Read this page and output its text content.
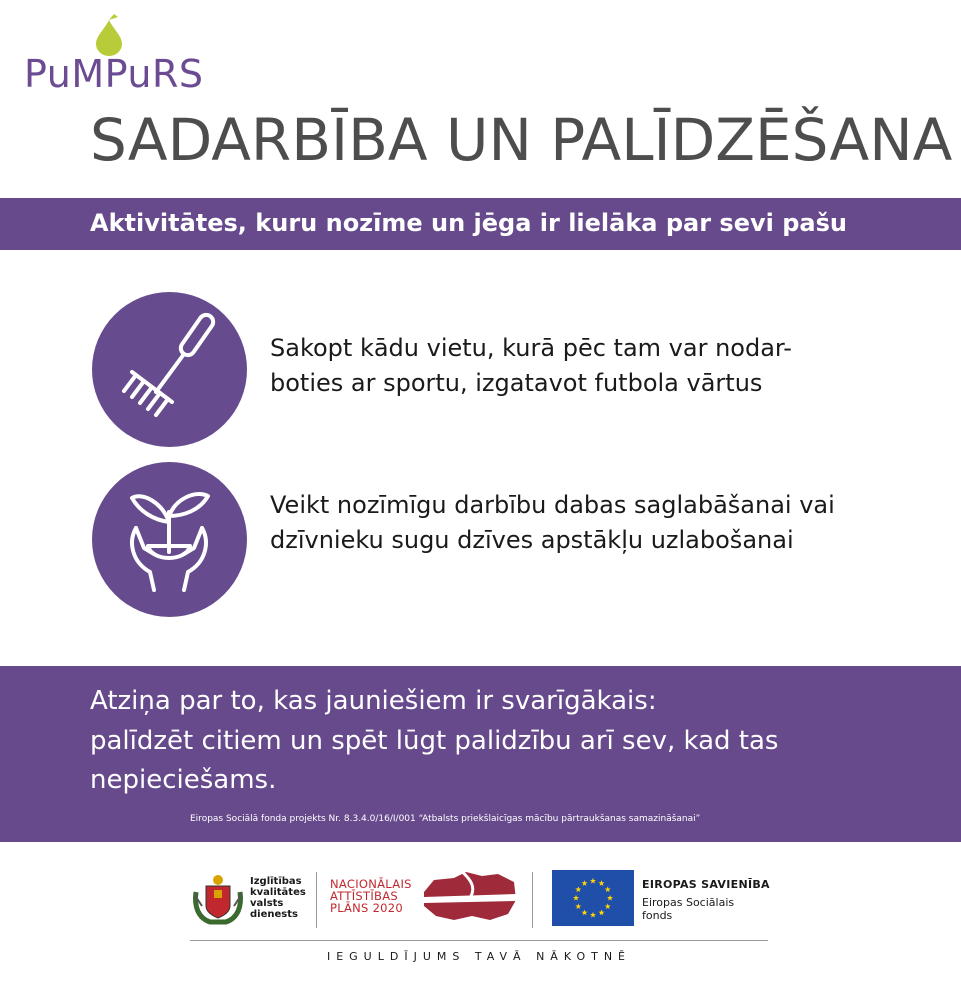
PuMPuRS
SADARBĪBA UN PALĪDZĒŠANA
Aktivitātes, kuru nozīme un jēga ir lielāka par sevi pašu
Sakopt kādu vietu, kurā pēc tam var nodar-
boties ar sportu, izgatavot futbola vārtus
Veikt nozīmīgu darbību dabas saglabāšanai vai
dzīvnieku sugu dzīves apstākļu uzlabošanai
Atziņa par to, kas jauniešiem ir svarīgākais:
palīdzēt citiem un spēt lūgt palidzību arī sev, kad tas
nepieciešams.
Eiropas Sociālā fonda projekts Nr. 8.3.4.0/16/I/001 “Atbalsts priekšlaicīgas mācību pārtraukšanas samazināšanai”
Izglītības
kvalitātes
valsts
dienests
NACIONĀLAIS
ATTĪSTĪBAS
PLĀNS 2020
EIROPAS SAVIENĪBA
Eiropas Sociālais
fonds
IEGULDĪJUMS TAVĀ NĀKOTNĒ
